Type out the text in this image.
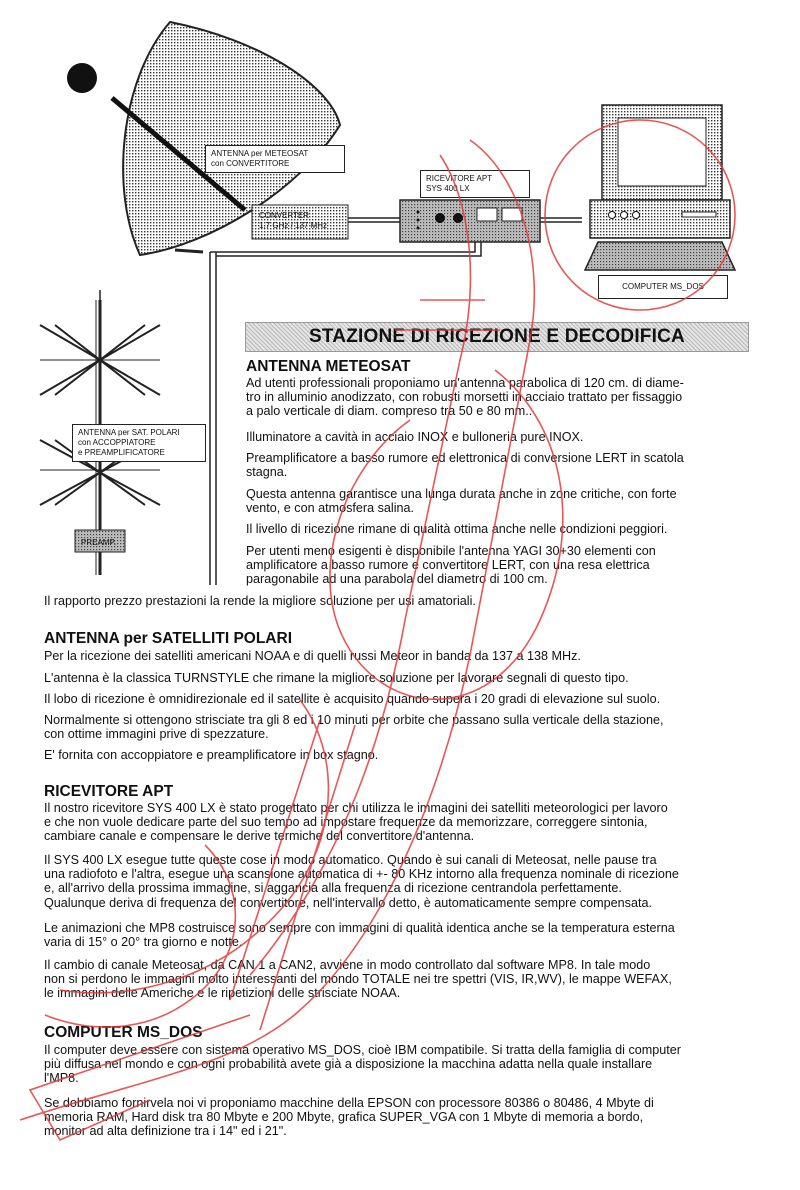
ANTENNA per METEOSAT
con CONVERTITORE
CONVERTER
1.7 GHz / 137 MHz
RICEVITORE APT
SYS 400 LX
COMPUTER MS_DOS
ANTENNA per SAT. POLARI
con ACCOPPIATORE
e PREAMPLIFICATORE
PREAMP.
STAZIONE DI RICEZIONE E DECODIFICA
ANTENNA METEOSAT
Ad utenti professionali proponiamo un'antenna parabolica di 120 cm. di diame-
tro in alluminio anodizzato, con robusti morsetti in acciaio trattato per fissaggio
a palo verticale di diam. compreso tra 50 e 80 mm..
Illuminatore a cavità in acciaio INOX e bulloneria pure INOX.
Preamplificatore a basso rumore ed elettronica di conversione LERT in scatola
stagna.
Questa antenna garantisce una lunga durata anche in zone critiche, con forte
vento, e con atmosfera salina.
Il livello di ricezione rimane di qualità ottima anche nelle condizioni peggiori.
Per utenti meno esigenti è disponibile l'antenna YAGI 30+30 elementi con
amplificatore a basso rumore e convertitore LERT, con una resa elettrica
paragonabile ad una parabola del diametro di 100 cm.
Il rapporto prezzo prestazioni la rende la migliore soluzione per usi amatoriali.
ANTENNA per SATELLITI POLARI
Per la ricezione dei satelliti americani NOAA e di quelli russi Meteor in banda da 137 a 138 MHz.
L'antenna è la classica TURNSTYLE che rimane la migliore soluzione per lavorare segnali di questo tipo.
Il lobo di ricezione è omnidirezionale ed il satellite è acquisito quando supera i 20 gradi di elevazione sul suolo.
Normalmente si ottengono strisciate tra gli 8 ed i 10 minuti per orbite che passano sulla verticale della stazione,
con ottime immagini prive di spezzature.
E' fornita con accoppiatore e preamplificatore in box stagno.
RICEVITORE APT
Il nostro ricevitore SYS 400 LX è stato progettato per chi utilizza le immagini dei satelliti meteorologici per lavoro
e che non vuole dedicare parte del suo tempo ad impostare frequenze da memorizzare, correggere sintonia,
cambiare canale e compensare le derive termiche del convertitore d'antenna.
Il SYS 400 LX esegue tutte queste cose in modo automatico. Quando è sui canali di Meteosat, nelle pause tra
una radiofoto e l'altra, esegue una scansione automatica di +- 80 KHz intorno alla frequenza nominale di ricezione
e, all'arrivo della prossima immagine, si aggancia alla frequenza di ricezione centrandola perfettamente.
Qualunque deriva di frequenza del convertitore, nell'intervallo detto, è automaticamente sempre compensata.
Le animazioni che MP8 costruisce sono sempre con immagini di qualità identica anche se la temperatura esterna
varia di 15° o 20° tra giorno e notte.
Il cambio di canale Meteosat, da CAN 1 a CAN2, avviene in modo controllato dal software MP8. In tale modo
non si perdono le immagini molto interessanti del mondo TOTALE nei tre spettri (VIS, IR,WV), le mappe WEFAX,
le immagini delle Americhe e le ripetizioni delle strisciate NOAA.
COMPUTER MS_DOS
Il computer deve essere con sistema operativo MS_DOS, cioè IBM compatibile. Si tratta della famiglia di computer
più diffusa nel mondo e con ogni probabilità avete già a disposizione la macchina adatta nella quale installare
l'MP8.
Se dobbiamo fornirvela noi vi proponiamo macchine della EPSON con processore 80386 o 80486, 4 Mbyte di
memoria RAM, Hard disk tra 80 Mbyte e 200 Mbyte, grafica SUPER_VGA con 1 Mbyte di memoria a bordo,
monitor ad alta definizione tra i 14" ed i 21".
